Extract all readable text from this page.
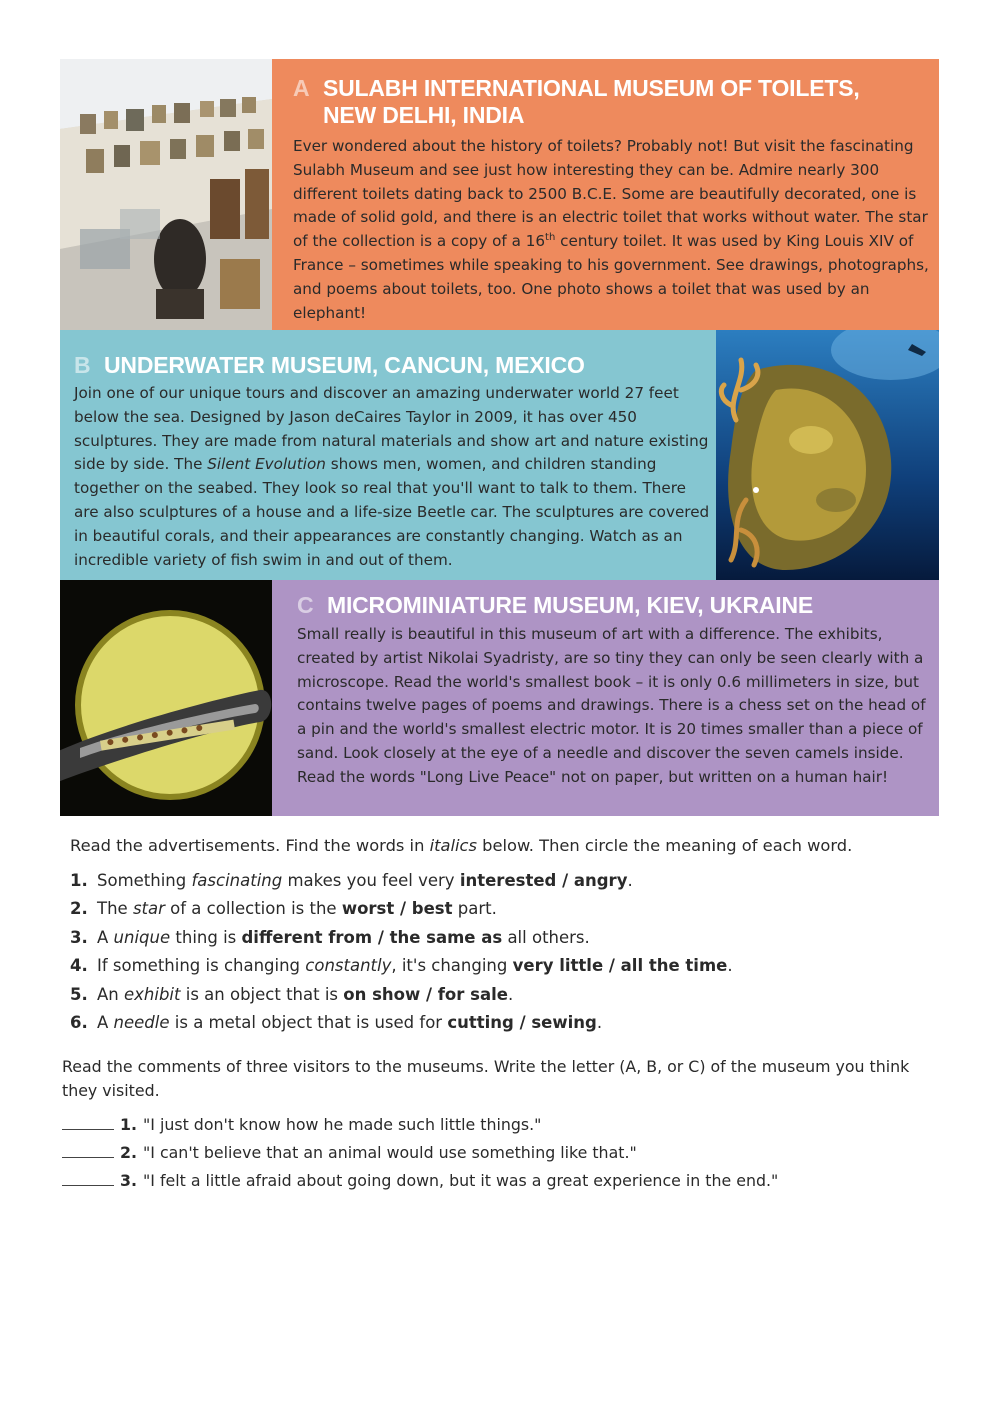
A SULABH INTERNATIONAL MUSEUM OF TOILETS,
NEW DELHI, INDIA

Ever wondered about the history of toilets? Probably not! But visit the fascinating Sulabh Museum and see just how interesting they can be. Admire nearly 300 different toilets dating back to 2500 B.C.E. Some are beautifully decorated, one is made of solid gold, and there is an electric toilet that works without water. The star of the collection is a copy of a 16th century toilet. It was used by King Louis XIV of France – sometimes while speaking to his government. See drawings, photographs, and poems about toilets, too. One photo shows a toilet that was used by an elephant!

B UNDERWATER MUSEUM, CANCUN, MEXICO

Join one of our unique tours and discover an amazing underwater world 27 feet below the sea. Designed by Jason deCaires Taylor in 2009, it has over 450 sculptures. They are made from natural materials and show art and nature existing side by side. The Silent Evolution shows men, women, and children standing together on the seabed. They look so real that you'll want to talk to them. There are also sculptures of a house and a life-size Beetle car. The sculptures are covered in beautiful corals, and their appearances are constantly changing. Watch as an incredible variety of fish swim in and out of them.

C MICROMINIATURE MUSEUM, KIEV, UKRAINE

Small really is beautiful in this museum of art with a difference. The exhibits, created by artist Nikolai Syadristy, are so tiny they can only be seen clearly with a microscope. Read the world's smallest book – it is only 0.6 millimeters in size, but contains twelve pages of poems and drawings. There is a chess set on the head of a pin and the world's smallest electric motor. It is 20 times smaller than a piece of sand. Look closely at the eye of a needle and discover the seven camels inside. Read the words "Long Live Peace" not on paper, but written on a human hair!

Read the advertisements. Find the words in italics below. Then circle the meaning of each word.
1. Something fascinating makes you feel very interested / angry.
2. The star of a collection is the worst / best part.
3. A unique thing is different from / the same as all others.
4. If something is changing constantly, it's changing very little / all the time.
5. An exhibit is an object that is on show / for sale.
6. A needle is a metal object that is used for cutting / sewing.

Read the comments of three visitors to the museums. Write the letter (A, B, or C) of the museum you think they visited.

1. "I just don't know how he made such little things."
2. "I can't believe that an animal would use something like that."
3. "I felt a little afraid about going down, but it was a great experience in the end."
